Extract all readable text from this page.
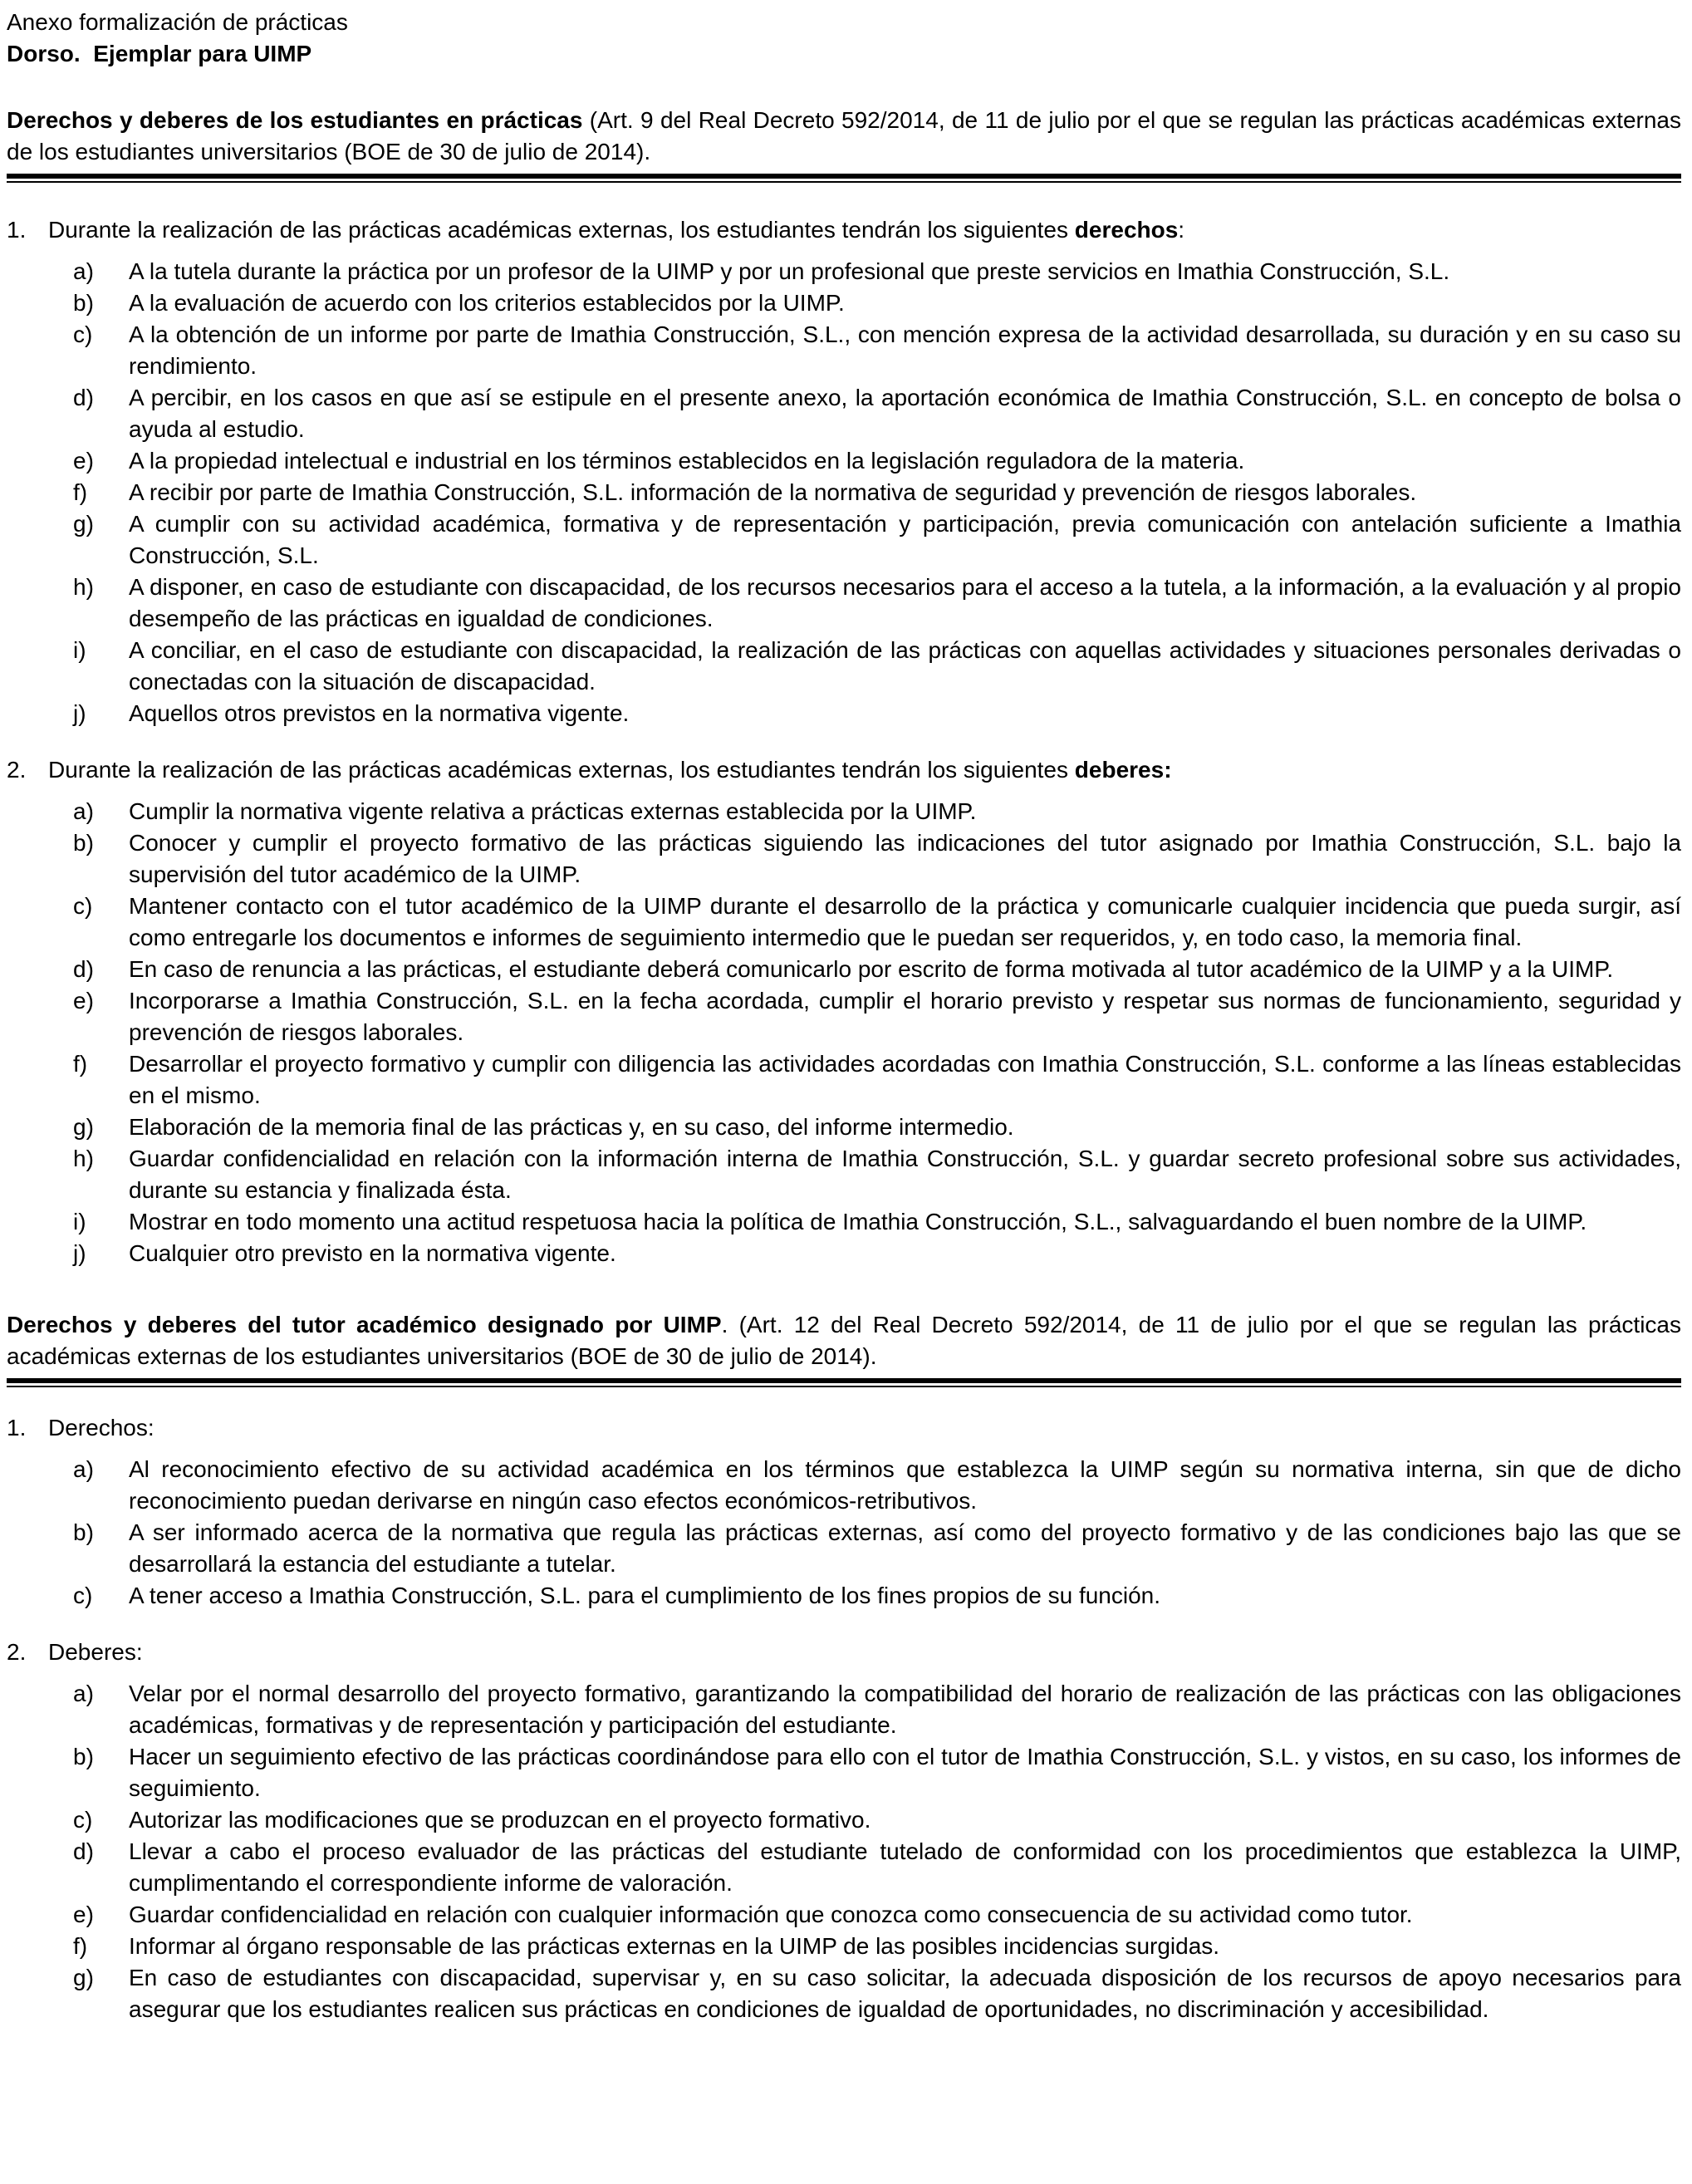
Anexo formalización de prácticas
Dorso.  Ejemplar para UIMP
Derechos y deberes de los estudiantes en prácticas (Art. 9 del Real Decreto 592/2014, de 11 de julio por el que se regulan las prácticas académicas externas de los estudiantes universitarios (BOE de 30 de julio de 2014).
1. Durante la realización de las prácticas académicas externas, los estudiantes tendrán los siguientes derechos:
a)	A la tutela durante la práctica por un profesor de la UIMP y por un profesional que preste servicios en Imathia Construcción, S.L.
b)	A la evaluación de acuerdo con los criterios establecidos por la UIMP.
c)	A la obtención de un informe por parte de Imathia Construcción, S.L., con mención expresa de la actividad desarrollada, su duración y en su caso su rendimiento.
d)	A percibir, en los casos en que así se estipule en el presente anexo, la aportación económica de Imathia Construcción, S.L. en concepto de bolsa o ayuda al estudio.
e)	A la propiedad intelectual e industrial en los términos establecidos en la legislación reguladora de la materia.
f)	A recibir por parte de Imathia Construcción, S.L. información de la normativa de seguridad y prevención de riesgos laborales.
g)	A cumplir con su actividad académica, formativa y de representación y participación, previa comunicación con antelación suficiente a Imathia Construcción, S.L.
h)	A disponer, en caso de estudiante con discapacidad, de los recursos necesarios para el acceso a la tutela, a la información, a la evaluación y al propio desempeño de las prácticas en igualdad de condiciones.
i)	A conciliar, en el caso de estudiante con discapacidad, la realización de las prácticas con aquellas actividades y situaciones personales derivadas o conectadas con la situación de discapacidad.
j)	Aquellos otros previstos en la normativa vigente.
2. Durante la realización de las prácticas académicas externas, los estudiantes tendrán los siguientes deberes:
a)	Cumplir la normativa vigente relativa a prácticas externas establecida por la UIMP.
b)	Conocer y cumplir el proyecto formativo de las prácticas siguiendo las indicaciones del tutor asignado por Imathia Construcción, S.L. bajo la supervisión del tutor académico de la UIMP.
c)	Mantener contacto con el tutor académico de la UIMP durante el desarrollo de la práctica y comunicarle cualquier incidencia que pueda surgir, así como entregarle los documentos e informes de seguimiento intermedio que le puedan ser requeridos, y, en todo caso, la memoria final.
d)	En caso de renuncia a las prácticas, el estudiante deberá comunicarlo por escrito de forma motivada al tutor académico de la UIMP y a la UIMP.
e)	Incorporarse a Imathia Construcción, S.L. en la fecha acordada, cumplir el horario previsto y respetar sus normas de funcionamiento, seguridad y prevención de riesgos laborales.
f)	Desarrollar el proyecto formativo y cumplir con diligencia las actividades acordadas con Imathia Construcción, S.L. conforme a las líneas establecidas en el mismo.
g)	Elaboración de la memoria final de las prácticas y, en su caso, del informe intermedio.
h)	Guardar confidencialidad en relación con la información interna de Imathia Construcción, S.L. y guardar secreto profesional sobre sus actividades, durante su estancia y finalizada ésta.
i)	Mostrar en todo momento una actitud respetuosa hacia la política de Imathia Construcción, S.L., salvaguardando el buen nombre de la UIMP.
j)	Cualquier otro previsto en la normativa vigente.
Derechos y deberes del tutor académico designado por UIMP. (Art. 12 del Real Decreto 592/2014, de 11 de julio por el que se regulan las prácticas académicas externas de los estudiantes universitarios (BOE de 30 de julio de 2014).
1. Derechos:
a)	Al reconocimiento efectivo de su actividad académica en los términos que establezca la UIMP según su normativa interna, sin que de dicho reconocimiento puedan derivarse en ningún caso efectos económicos-retributivos.
b)	A ser informado acerca de la normativa que regula las prácticas externas, así como del proyecto formativo y de las condiciones bajo las que se desarrollará la estancia del estudiante a tutelar.
c)	A tener acceso a Imathia Construcción, S.L. para el cumplimiento de los fines propios de su función.
2. Deberes:
a)	Velar por el normal desarrollo del proyecto formativo, garantizando la compatibilidad del horario de realización de las prácticas con las obligaciones académicas, formativas y de representación y participación del estudiante.
b)	Hacer un seguimiento efectivo de las prácticas coordinándose para ello con el tutor de Imathia Construcción, S.L. y vistos, en su caso, los informes de seguimiento.
c)	Autorizar las modificaciones que se produzcan en el proyecto formativo.
d)	Llevar a cabo el proceso evaluador de las prácticas del estudiante tutelado de conformidad con los procedimientos que establezca la UIMP, cumplimentando el correspondiente informe de valoración.
e)	Guardar confidencialidad en relación con cualquier información que conozca como consecuencia de su actividad como tutor.
f)	Informar al órgano responsable de las prácticas externas en la UIMP de las posibles incidencias surgidas.
g)	En caso de estudiantes con discapacidad, supervisar y, en su caso solicitar, la adecuada disposición de los recursos de apoyo necesarios para asegurar que los estudiantes realicen sus prácticas en condiciones de igualdad de oportunidades, no discriminación y accesibilidad.
